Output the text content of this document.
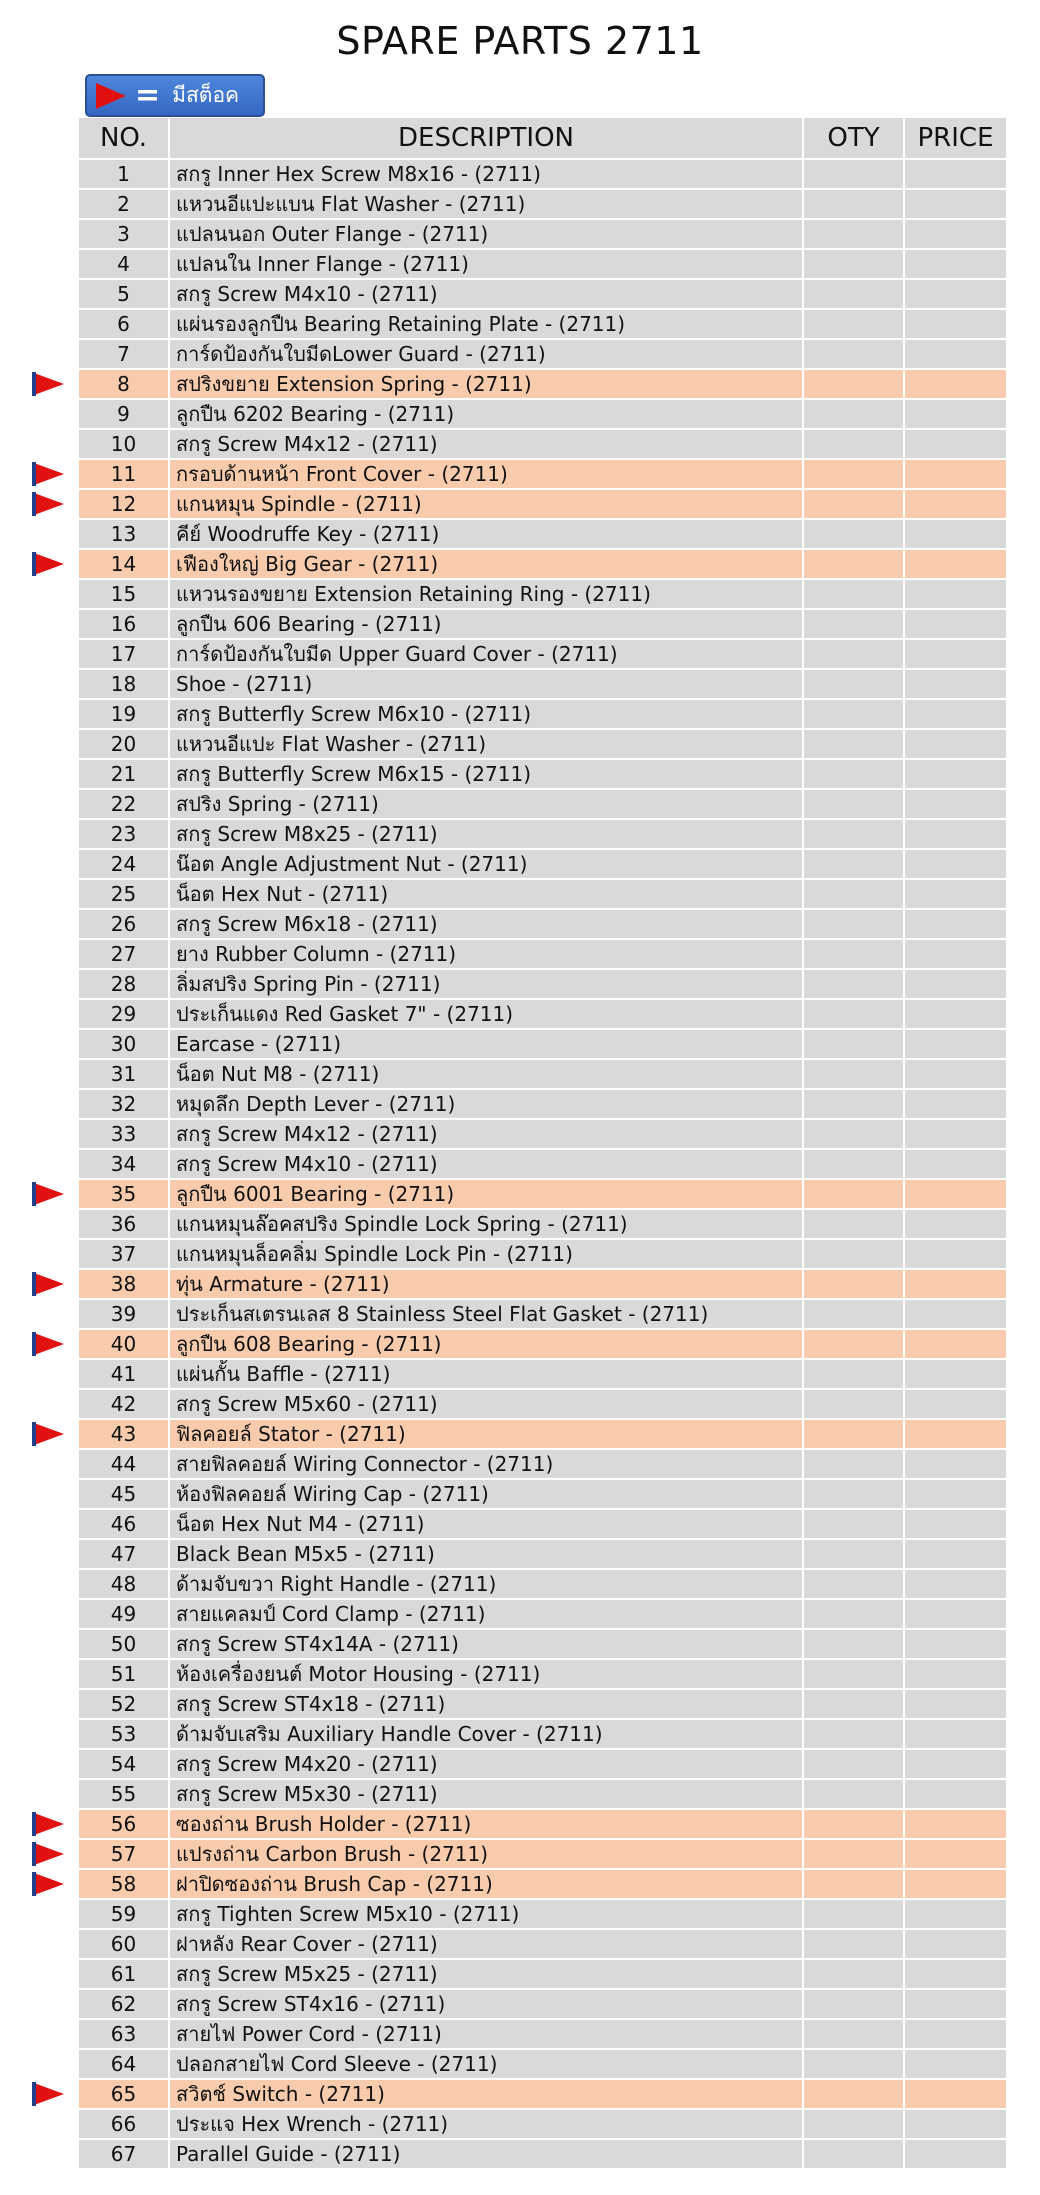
SPARE PARTS 2711
= มีสต็อค
NO.	DESCRIPTION	OTY	PRICE
1	สกรู Inner Hex Screw M8x16 - (2711)
2	แหวนอีแปะแบน Flat Washer - (2711)
3	แปลนนอก Outer Flange - (2711)
4	แปลนใน Inner Flange - (2711)
5	สกรู Screw M4x10 - (2711)
6	แผ่นรองลูกปืน Bearing Retaining Plate - (2711)
7	การ์ดป้องกันใบมีดLower Guard - (2711)
8	สปริงขยาย Extension Spring - (2711)
9	ลูกปืน 6202 Bearing - (2711)
10	สกรู Screw M4x12 - (2711)
11	กรอบด้านหน้า Front Cover - (2711)
12	แกนหมุน Spindle - (2711)
13	คีย์ Woodruffe Key - (2711)
14	เฟืองใหญ่ Big Gear - (2711)
15	แหวนรองขยาย Extension Retaining Ring - (2711)
16	ลูกปืน 606 Bearing - (2711)
17	การ์ดป้องกันใบมีด Upper Guard Cover - (2711)
18	Shoe - (2711)
19	สกรู Butterfly Screw M6x10 - (2711)
20	แหวนอีแปะ Flat Washer - (2711)
21	สกรู Butterfly Screw M6x15 - (2711)
22	สปริง Spring - (2711)
23	สกรู Screw M8x25 - (2711)
24	น๊อต Angle Adjustment Nut - (2711)
25	น็อต Hex Nut - (2711)
26	สกรู Screw M6x18 - (2711)
27	ยาง Rubber Column - (2711)
28	ลิ่มสปริง Spring Pin - (2711)
29	ประเก็นแดง Red Gasket 7" - (2711)
30	Earcase - (2711)
31	น็อต Nut M8 - (2711)
32	หมุดลึก Depth Lever - (2711)
33	สกรู Screw M4x12 - (2711)
34	สกรู Screw M4x10 - (2711)
35	ลูกปืน 6001 Bearing - (2711)
36	แกนหมุนล๊อคสปริง Spindle Lock Spring - (2711)
37	แกนหมุนล็อคลิ่ม Spindle Lock Pin - (2711)
38	ทุ่น Armature - (2711)
39	ประเก็นสเตรนเลส 8 Stainless Steel Flat Gasket - (2711)
40	ลูกปืน 608 Bearing - (2711)
41	แผ่นกั้น Baffle - (2711)
42	สกรู Screw M5x60 - (2711)
43	ฟิลคอยล์ Stator - (2711)
44	สายฟิลคอยล์ Wiring Connector - (2711)
45	ห้องฟิลคอยล์ Wiring Cap - (2711)
46	น็อต Hex Nut M4 - (2711)
47	Black Bean M5x5 - (2711)
48	ด้ามจับขวา Right Handle - (2711)
49	สายแคลมป์ Cord Clamp - (2711)
50	สกรู Screw ST4x14A - (2711)
51	ห้องเครื่องยนต์ Motor Housing - (2711)
52	สกรู Screw ST4x18 - (2711)
53	ด้ามจับเสริม Auxiliary Handle Cover - (2711)
54	สกรู Screw M4x20 - (2711)
55	สกรู Screw M5x30 - (2711)
56	ซองถ่าน Brush Holder - (2711)
57	แปรงถ่าน Carbon Brush - (2711)
58	ฝาปิดซองถ่าน Brush Cap - (2711)
59	สกรู Tighten Screw M5x10 - (2711)
60	ฝาหลัง Rear Cover - (2711)
61	สกรู Screw M5x25 - (2711)
62	สกรู Screw ST4x16 - (2711)
63	สายไฟ Power Cord - (2711)
64	ปลอกสายไฟ Cord Sleeve - (2711)
65	สวิตช์ Switch - (2711)
66	ประแจ Hex Wrench - (2711)
67	Parallel Guide - (2711)
